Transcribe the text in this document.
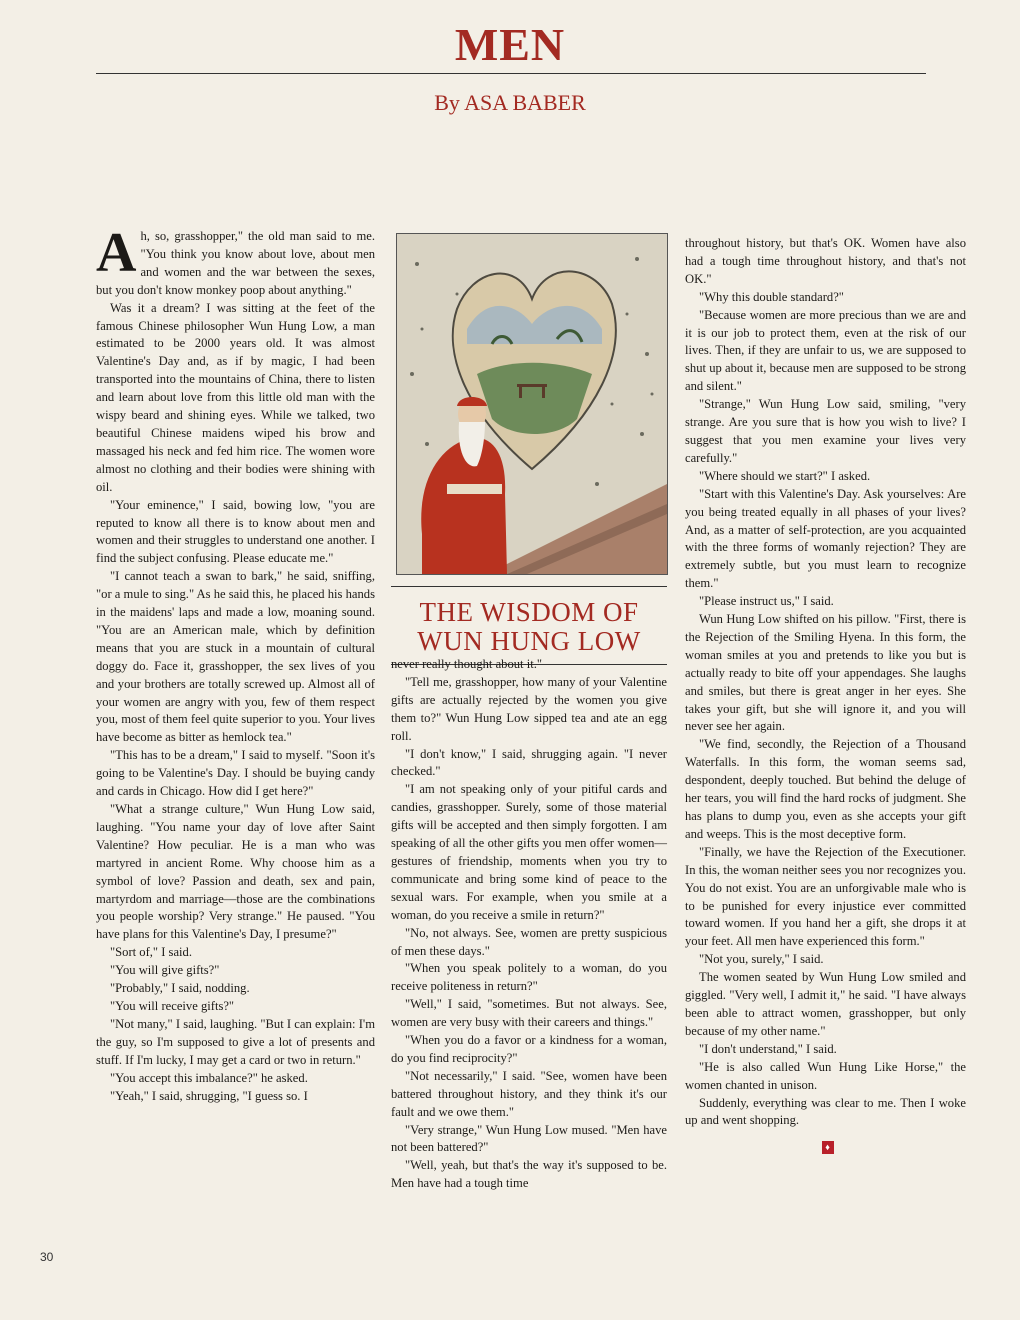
MEN
By ASA BABER

Ah, so, grasshopper," the old man said to me. "You think you know about love, about men and women and the war between the sexes, but you don't know monkey poop about anything."

Was it a dream? I was sitting at the feet of the famous Chinese philosopher Wun Hung Low, a man estimated to be 2000 years old. It was almost Valentine's Day and, as if by magic, I had been transported into the mountains of China, there to listen and learn about love from this little old man with the wispy beard and shining eyes. While we talked, two beautiful Chinese maidens wiped his brow and massaged his neck and fed him rice. The women wore almost no clothing and their bodies were shining with oil.

"Your eminence," I said, bowing low, "you are reputed to know all there is to know about men and women and their struggles to understand one another. I find the subject confusing. Please educate me."

"I cannot teach a swan to bark," he said, sniffing, "or a mule to sing." As he said this, he placed his hands in the maidens' laps and made a low, moaning sound. "You are an American male, which by definition means that you are stuck in a mountain of cultural doggy do. Face it, grasshopper, the sex lives of you and your brothers are totally screwed up. Almost all of your women are angry with you, few of them respect you, most of them feel quite superior to you. Your lives have become as bitter as hemlock tea."

"This has to be a dream," I said to myself. "Soon it's going to be Valentine's Day. I should be buying candy and cards in Chicago. How did I get here?"

"What a strange culture," Wun Hung Low said, laughing. "You name your day of love after Saint Valentine? How peculiar. He is a man who was martyred in ancient Rome. Why choose him as a symbol of love? Passion and death, sex and pain, martyrdom and marriage—those are the combinations you people worship? Very strange." He paused. "You have plans for this Valentine's Day, I presume?"

"Sort of," I said.

"You will give gifts?"

"Probably," I said, nodding.

"You will receive gifts?"

"Not many," I said, laughing. "But I can explain: I'm the guy, so I'm supposed to give a lot of presents and stuff. If I'm lucky, I may get a card or two in return."

"You accept this imbalance?" he asked.

"Yeah," I said, shrugging, "I guess so. I

THE WISDOM OF
WUN HUNG LOW

never really thought about it."

"Tell me, grasshopper, how many of your Valentine gifts are actually rejected by the women you give them to?" Wun Hung Low sipped tea and ate an egg roll.

"I don't know," I said, shrugging again. "I never checked."

"I am not speaking only of your pitiful cards and candies, grasshopper. Surely, some of those material gifts will be accepted and then simply forgotten. I am speaking of all the other gifts you men offer women—gestures of friendship, moments when you try to communicate and bring some kind of peace to the sexual wars. For example, when you smile at a woman, do you receive a smile in return?"

"No, not always. See, women are pretty suspicious of men these days."

"When you speak politely to a woman, do you receive politeness in return?"

"Well," I said, "sometimes. But not always. See, women are very busy with their careers and things."

"When you do a favor or a kindness for a woman, do you find reciprocity?"

"Not necessarily," I said. "See, women have been battered throughout history, and they think it's our fault and we owe them."

"Very strange," Wun Hung Low mused. "Men have not been battered?"

"Well, yeah, but that's the way it's supposed to be. Men have had a tough time

throughout history, but that's OK. Women have also had a tough time throughout history, and that's not OK."

"Why this double standard?"

"Because women are more precious than we are and it is our job to protect them, even at the risk of our lives. Then, if they are unfair to us, we are supposed to shut up about it, because men are supposed to be strong and silent."

"Strange," Wun Hung Low said, smiling, "very strange. Are you sure that is how you wish to live? I suggest that you men examine your lives very carefully."

"Where should we start?" I asked.

"Start with this Valentine's Day. Ask yourselves: Are you being treated equally in all phases of your lives? And, as a matter of self-protection, are you acquainted with the three forms of womanly rejection? They are extremely subtle, but you must learn to recognize them."

"Please instruct us," I said.

Wun Hung Low shifted on his pillow. "First, there is the Rejection of the Smiling Hyena. In this form, the woman smiles at you and pretends to like you but is actually ready to bite off your appendages. She laughs and smiles, but there is great anger in her eyes. She takes your gift, but she will ignore it, and you will never see her again.

"We find, secondly, the Rejection of a Thousand Waterfalls. In this form, the woman seems sad, despondent, deeply touched. But behind the deluge of her tears, you will find the hard rocks of judgment. She has plans to dump you, even as she accepts your gift and weeps. This is the most deceptive form.

"Finally, we have the Rejection of the Executioner. In this, the woman neither sees you nor recognizes you. You do not exist. You are an unforgivable male who is to be punished for every injustice ever committed toward women. If you hand her a gift, she drops it at your feet. All men have experienced this form."

"Not you, surely," I said.

The women seated by Wun Hung Low smiled and giggled. "Very well, I admit it," he said. "I have always been able to attract women, grasshopper, but only because of my other name."

"I don't understand," I said.

"He is also called Wun Hung Like Horse," the women chanted in unison.

Suddenly, everything was clear to me. Then I woke up and went shopping.

♦
30
